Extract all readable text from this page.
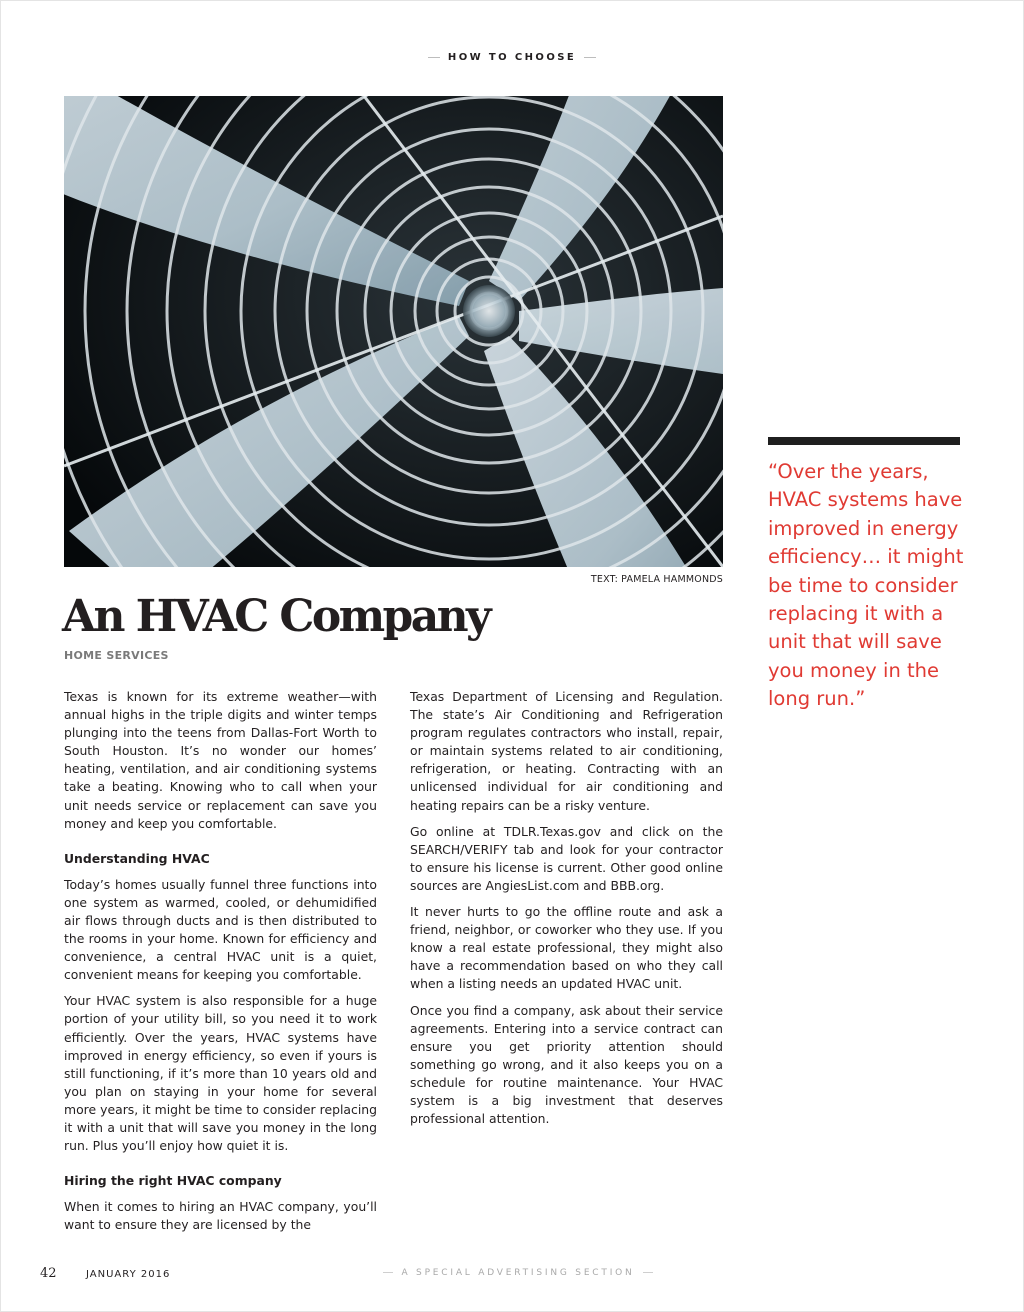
HOW TO CHOOSE
TEXT: PAMELA HAMMONDS
An HVAC Company
HOME SERVICES

Texas is known for its extreme weather—with annual highs in the triple digits and winter temps plunging into the teens from Dallas-Fort Worth to South Houston. It’s no wonder our homes’ heating, ventilation, and air conditioning systems take a beating. Knowing who to call when your unit needs service or replacement can save you money and keep you comfortable.

Understanding HVAC

Today’s homes usually funnel three functions into one system as warmed, cooled, or dehumidified air flows through ducts and is then distributed to the rooms in your home. Known for efficiency and convenience, a central HVAC unit is a quiet, convenient means for keeping you comfortable.

Your HVAC system is also responsible for a huge portion of your utility bill, so you need it to work efficiently. Over the years, HVAC systems have improved in energy efficiency, so even if yours is still functioning, if it’s more than 10 years old and you plan on staying in your home for several more years, it might be time to consider replacing it with a unit that will save you money in the long run. Plus you’ll enjoy how quiet it is.

Hiring the right HVAC company

When it comes to hiring an HVAC company, you’ll want to ensure they are licensed by the

Texas Department of Licensing and Regulation. The state’s Air Conditioning and Refrigeration program regulates contractors who install, repair, or maintain systems related to air conditioning, refrigeration, or heating. Contracting with an unlicensed individual for air conditioning and heating repairs can be a risky venture.

Go online at TDLR.Texas.gov and click on the SEARCH/VERIFY tab and look for your contractor to ensure his license is current. Other good online sources are AngiesList.com and BBB.org.

It never hurts to go the offline route and ask a friend, neighbor, or coworker who they use. If you know a real estate professional, they might also have a recommendation based on who they call when a listing needs an updated HVAC unit.

Once you find a company, ask about their service agreements. Entering into a service contract can ensure you get priority attention should something go wrong, and it also keeps you on a schedule for routine maintenance. Your HVAC system is a big investment that deserves professional attention.

“Over the years, HVAC systems have improved in energy efficiency… it might be time to consider replacing it with a unit that will save you money in the long run.”
42	JANUARY 2016	A SPECIAL ADVERTISING SECTION
